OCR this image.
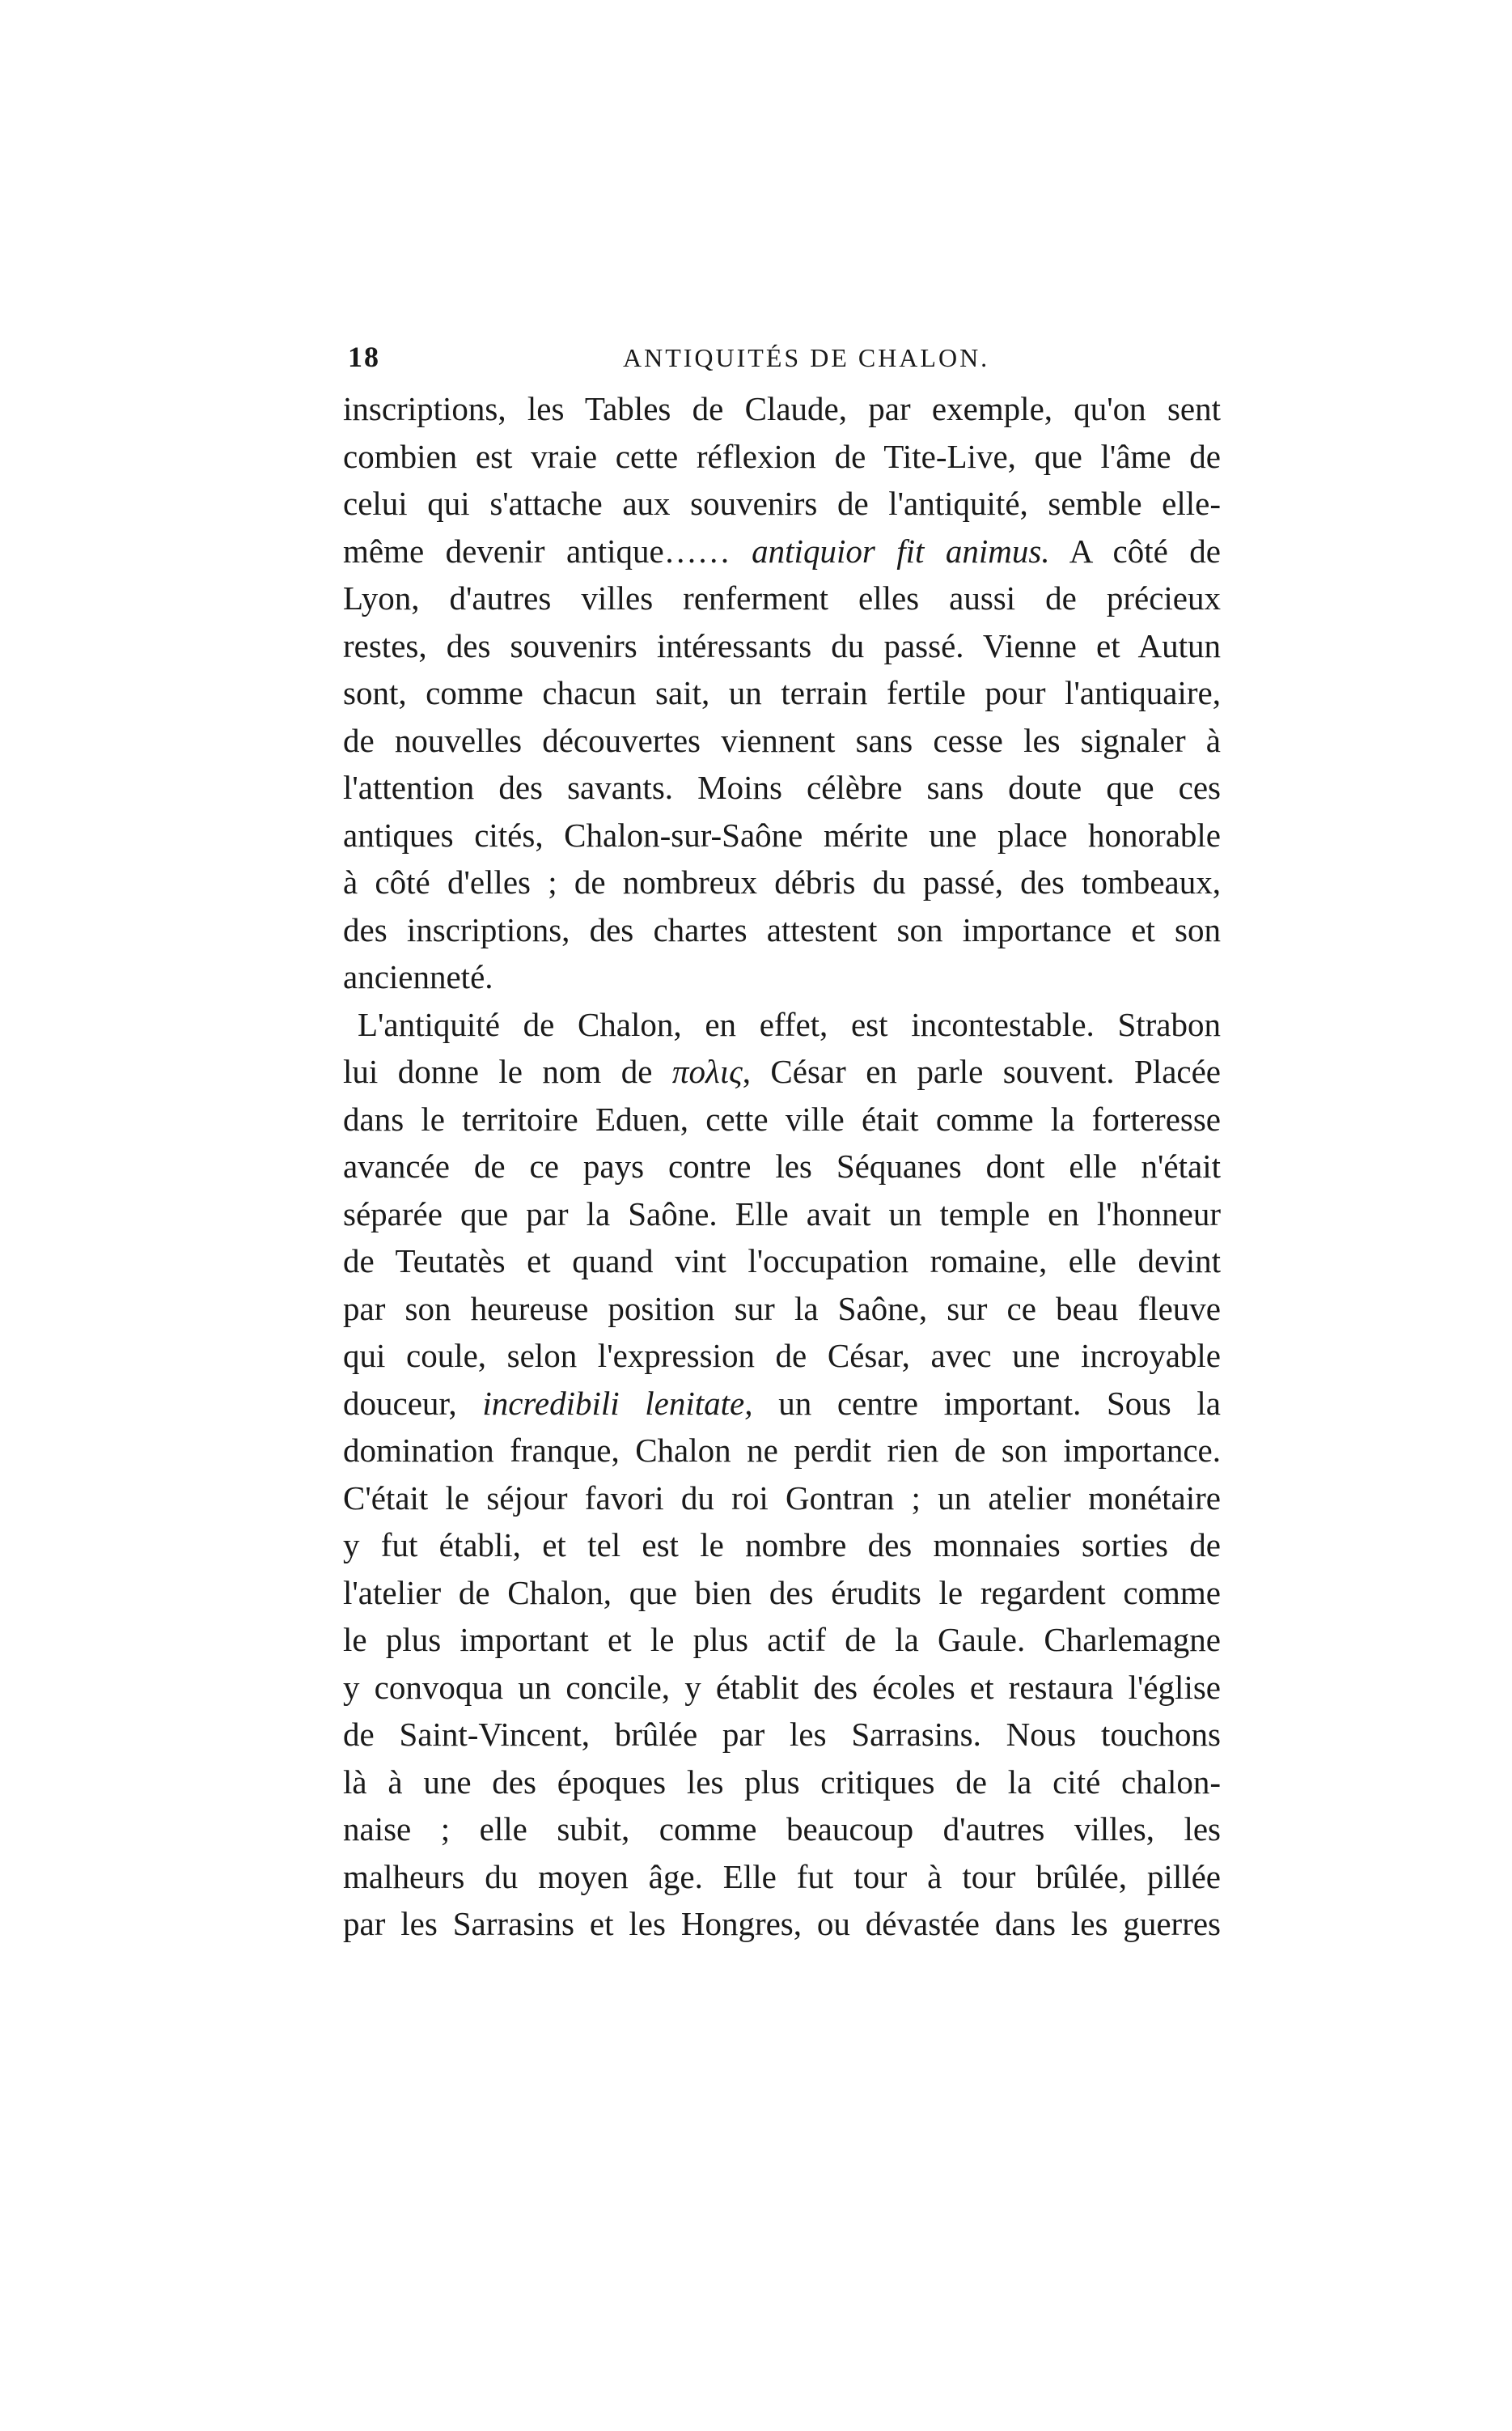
18	ANTIQUITÉS DE CHALON.
inscriptions, les Tables de Claude, par exemple, qu'on sent
combien est vraie cette réflexion de Tite-Live, que l'âme de
celui qui s'attache aux souvenirs de l'antiquité, semble elle-
même devenir antique…… antiquior fit animus. A côté de
Lyon, d'autres villes renferment elles aussi de précieux
restes, des souvenirs intéressants du passé. Vienne et Autun
sont, comme chacun sait, un terrain fertile pour l'antiquaire,
de nouvelles découvertes viennent sans cesse les signaler à
l'attention des savants. Moins célèbre sans doute que ces
antiques cités, Chalon-sur-Saône mérite une place honorable
à côté d'elles ; de nombreux débris du passé, des tombeaux,
des inscriptions, des chartes attestent son importance et son
ancienneté.
L'antiquité de Chalon, en effet, est incontestable. Strabon
lui donne le nom de πολις, César en parle souvent. Placée
dans le territoire Eduen, cette ville était comme la forteresse
avancée de ce pays contre les Séquanes dont elle n'était
séparée que par la Saône. Elle avait un temple en l'honneur
de Teutatès et quand vint l'occupation romaine, elle devint
par son heureuse position sur la Saône, sur ce beau fleuve
qui coule, selon l'expression de César, avec une incroyable
douceur, incredibili lenitate, un centre important. Sous la
domination franque, Chalon ne perdit rien de son importance.
C'était le séjour favori du roi Gontran ; un atelier monétaire
y fut établi, et tel est le nombre des monnaies sorties de
l'atelier de Chalon, que bien des érudits le regardent comme
le plus important et le plus actif de la Gaule. Charlemagne
y convoqua un concile, y établit des écoles et restaura l'église
de Saint-Vincent, brûlée par les Sarrasins. Nous touchons
là à une des époques les plus critiques de la cité chalon-
naise ; elle subit, comme beaucoup d'autres villes, les
malheurs du moyen âge. Elle fut tour à tour brûlée, pillée
par les Sarrasins et les Hongres, ou dévastée dans les guerres
